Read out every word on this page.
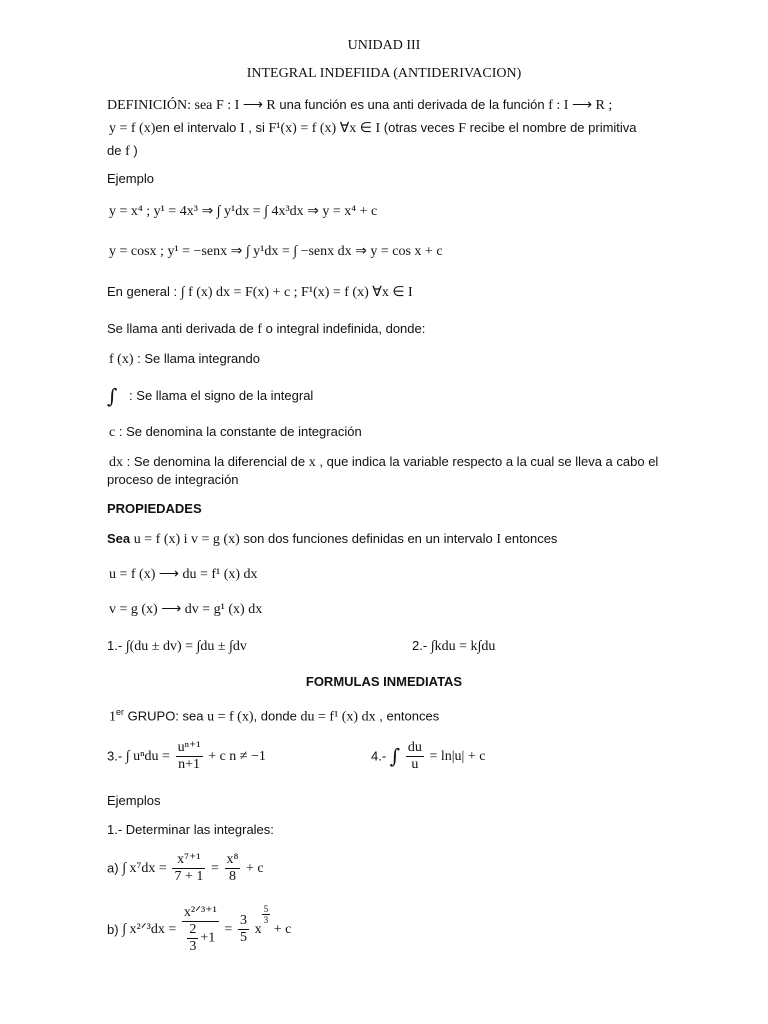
UNIDAD III
INTEGRAL INDEFIIDA (ANTIDERIVACION)
DEFINICIÓN: sea F : I ⟶ R una función es una anti derivada de la función f : I ⟶ R ;
y = f (x)en el intervalo I , si F¹(x) = f (x) ∀x ∈ I (otras veces F recibe el nombre de primitiva
de f )
Ejemplo
y = x⁴ ; y¹ = 4x³ ⇒ ∫ y¹dx = ∫ 4x³dx ⇒ y = x⁴ + c
y = cosx ; y¹ = −senx ⇒ ∫ y¹dx = ∫ −senx dx ⇒ y = cos x + c
En general : ∫ f (x) dx = F(x) + c ; F¹(x) = f (x) ∀x ∈ I
Se llama anti derivada de f o integral indefinida, donde:
f (x) : Se llama integrando
∫ : Se llama el signo de la integral
c : Se denomina la constante de integración
dx : Se denomina la diferencial de x , que indica la variable respecto a la cual se lleva a cabo el
proceso de integración
PROPIEDADES
Sea u = f (x) i v = g (x) son dos funciones definidas en un intervalo I entonces
u = f (x) ⟶ du = f¹ (x) dx
v = g (x) ⟶ dv = g¹ (x) dx
1.- ∫(du ± dv) = ∫du ± ∫dv	2.- ∫kdu = k∫du
FORMULAS INMEDIATAS
1er GRUPO: sea u = f (x), donde du = f¹ (x) dx , entonces
3.- ∫ $u^ndu = \frac{\text{uⁿ⁺¹}}{n+1} + c$ n ≠ −1	4.- ∫ $\frac{du}{u} = \ln|u| + c$
Ejemplos
1.- Determinar las integrales:
a) ∫ $x^7dx = \frac{\text{x⁷⁺¹}}{7 + 1} = \frac{\text{x⁸}}{8} + c$
b) ∫ x²ᐟ³dx = $\frac{\text{x²ᐟ³⁺¹}}{\frac{2}{3} +1} = \frac{3}{5}$ x
$\frac{5}{3}$
+ c
